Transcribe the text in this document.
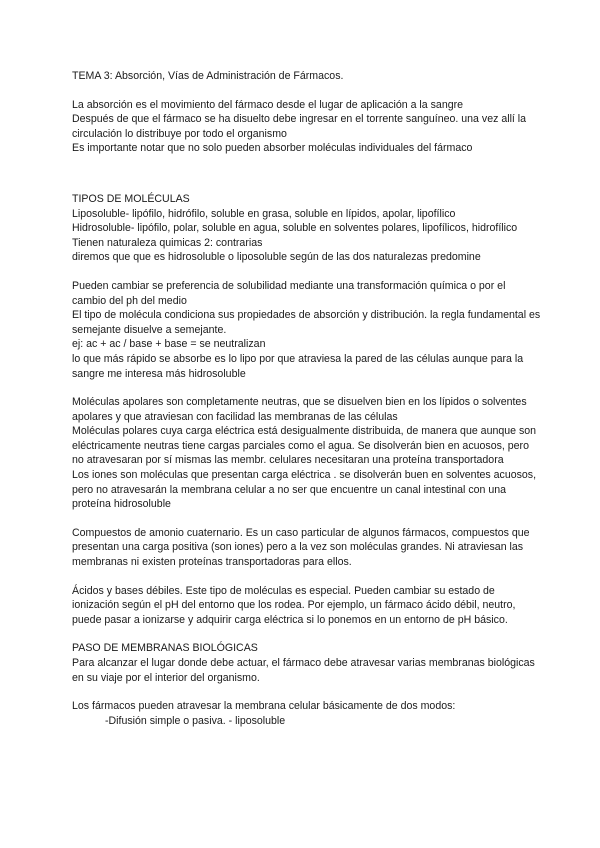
TEMA 3: Absorción, Vías de Administración de Fármacos.

La absorción es el movimiento del fármaco desde el lugar de aplicación a la sangre

Después de que el fármaco se ha disuelto debe ingresar en el torrente sanguíneo. una vez allí la circulación lo distribuye por todo el organismo

Es importante notar que no solo pueden absorber moléculas individuales del fármaco

TIPOS DE MOLÉCULAS

Liposoluble- lipófilo, hidrófilo, soluble en grasa, soluble en lípidos, apolar, lipofílico

Hidrosoluble- lipófilo, polar, soluble en agua, soluble en solventes polares, lipofílicos, hidrofílico

Tienen naturaleza quimicas 2: contrarias

diremos que que es hidrosoluble o liposoluble según de las dos naturalezas predomine

Pueden cambiar se preferencia de solubilidad mediante una transformación química o por el cambio del ph del medio

El tipo de molécula condiciona sus propiedades de absorción y distribución. la regla fundamental es semejante disuelve a semejante.

ej: ac + ac / base + base = se neutralizan

lo que más rápido se absorbe es lo lipo por que atraviesa la pared de las células aunque para la sangre me interesa más hidrosoluble

Moléculas apolares son completamente neutras, que se disuelven bien en los lípidos o solventes apolares y que atraviesan con facilidad las membranas de las células

Moléculas polares cuya carga eléctrica está desigualmente distribuida, de manera que aunque son eléctricamente neutras tiene cargas parciales como el agua. Se disolverán bien en acuosos, pero no atravesaran por sí mismas las membr. celulares necesitaran una proteína transportadora

Los iones son moléculas que presentan carga eléctrica . se disolverán buen en solventes acuosos, pero no atravesarán la membrana celular a no ser que encuentre un canal intestinal con una proteína hidrosoluble

Compuestos de amonio cuaternario. Es un caso particular de algunos fármacos, compuestos que presentan una carga positiva (son iones) pero a la vez son moléculas grandes. Ni atraviesan las membranas ni existen proteínas transportadoras para ellos.

Ácidos y bases débiles. Este tipo de moléculas es especial. Pueden cambiar su estado de ionización según el pH del entorno que los rodea. Por ejemplo, un fármaco ácido débil, neutro, puede pasar a ionizarse y adquirir carga eléctrica si lo ponemos en un entorno de pH básico.

PASO DE MEMBRANAS BIOLÓGICAS

Para alcanzar el lugar donde debe actuar, el fármaco debe atravesar varias membranas biológicas en su viaje por el interior del organismo.

Los fármacos pueden atravesar la membrana celular básicamente de dos modos:

-Difusión simple o pasiva. - liposoluble
